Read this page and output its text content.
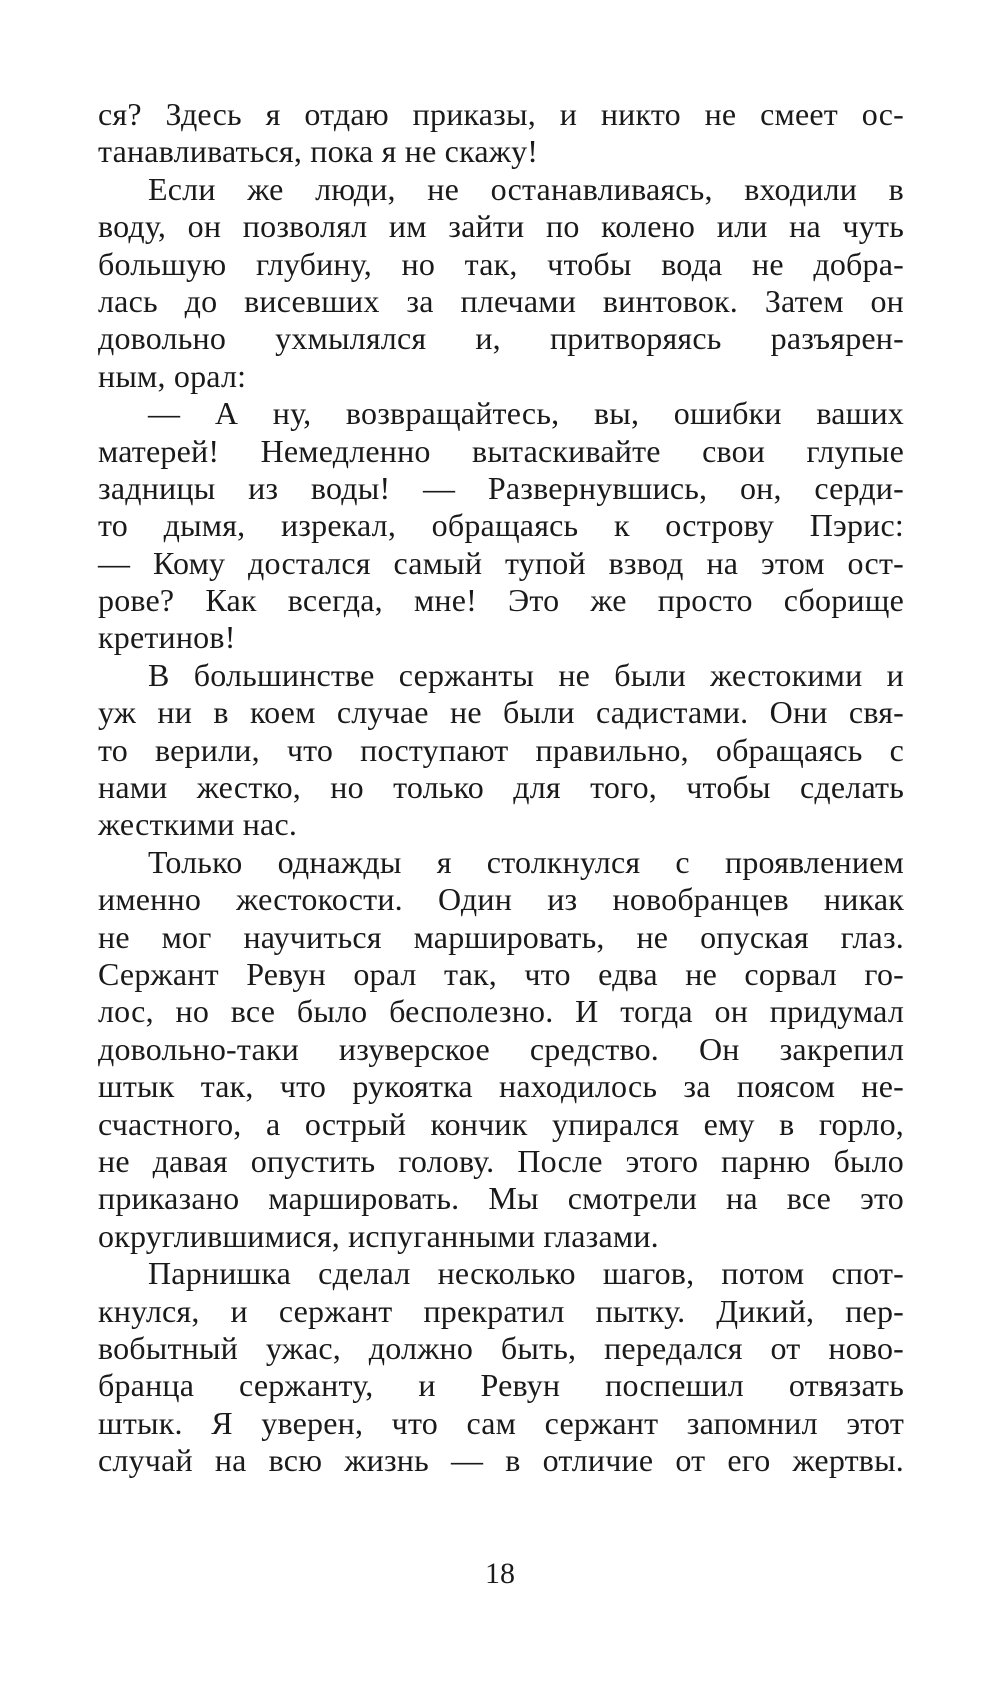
ся? Здесь я отдаю приказы, и никто не смеет ос-
танавливаться, пока я не скажу!
Если же люди, не останавливаясь, входили в
воду, он позволял им зайти по колено или на чуть
большую глубину, но так, чтобы вода не добра-
лась до висевших за плечами винтовок. Затем он
довольно ухмылялся и, притворяясь разъярен-
ным, орал:
— А ну, возвращайтесь, вы, ошибки ваших
матерей! Немедленно вытаскивайте свои глупые
задницы из воды! — Развернувшись, он, серди-
то дымя, изрекал, обращаясь к острову Пэрис:
— Кому достался самый тупой взвод на этом ост-
рове? Как всегда, мне! Это же просто сборище
кретинов!
В большинстве сержанты не были жестокими и
уж ни в коем случае не были садистами. Они свя-
то верили, что поступают правильно, обращаясь с
нами жестко, но только для того, чтобы сделать
жесткими нас.
Только однажды я столкнулся с проявлением
именно жестокости. Один из новобранцев никак
не мог научиться маршировать, не опуская глаз.
Сержант Ревун орал так, что едва не сорвал го-
лос, но все было бесполезно. И тогда он придумал
довольно-таки изуверское средство. Он закрепил
штык так, что рукоятка находилось за поясом не-
счастного, а острый кончик упирался ему в горло,
не давая опустить голову. После этого парню было
приказано маршировать. Мы смотрели на все это
округлившимися, испуганными глазами.
Парнишка сделал несколько шагов, потом спот-
кнулся, и сержант прекратил пытку. Дикий, пер-
вобытный ужас, должно быть, передался от ново-
бранца сержанту, и Ревун поспешил отвязать
штык. Я уверен, что сам сержант запомнил этот
случай на всю жизнь — в отличие от его жертвы.
18
